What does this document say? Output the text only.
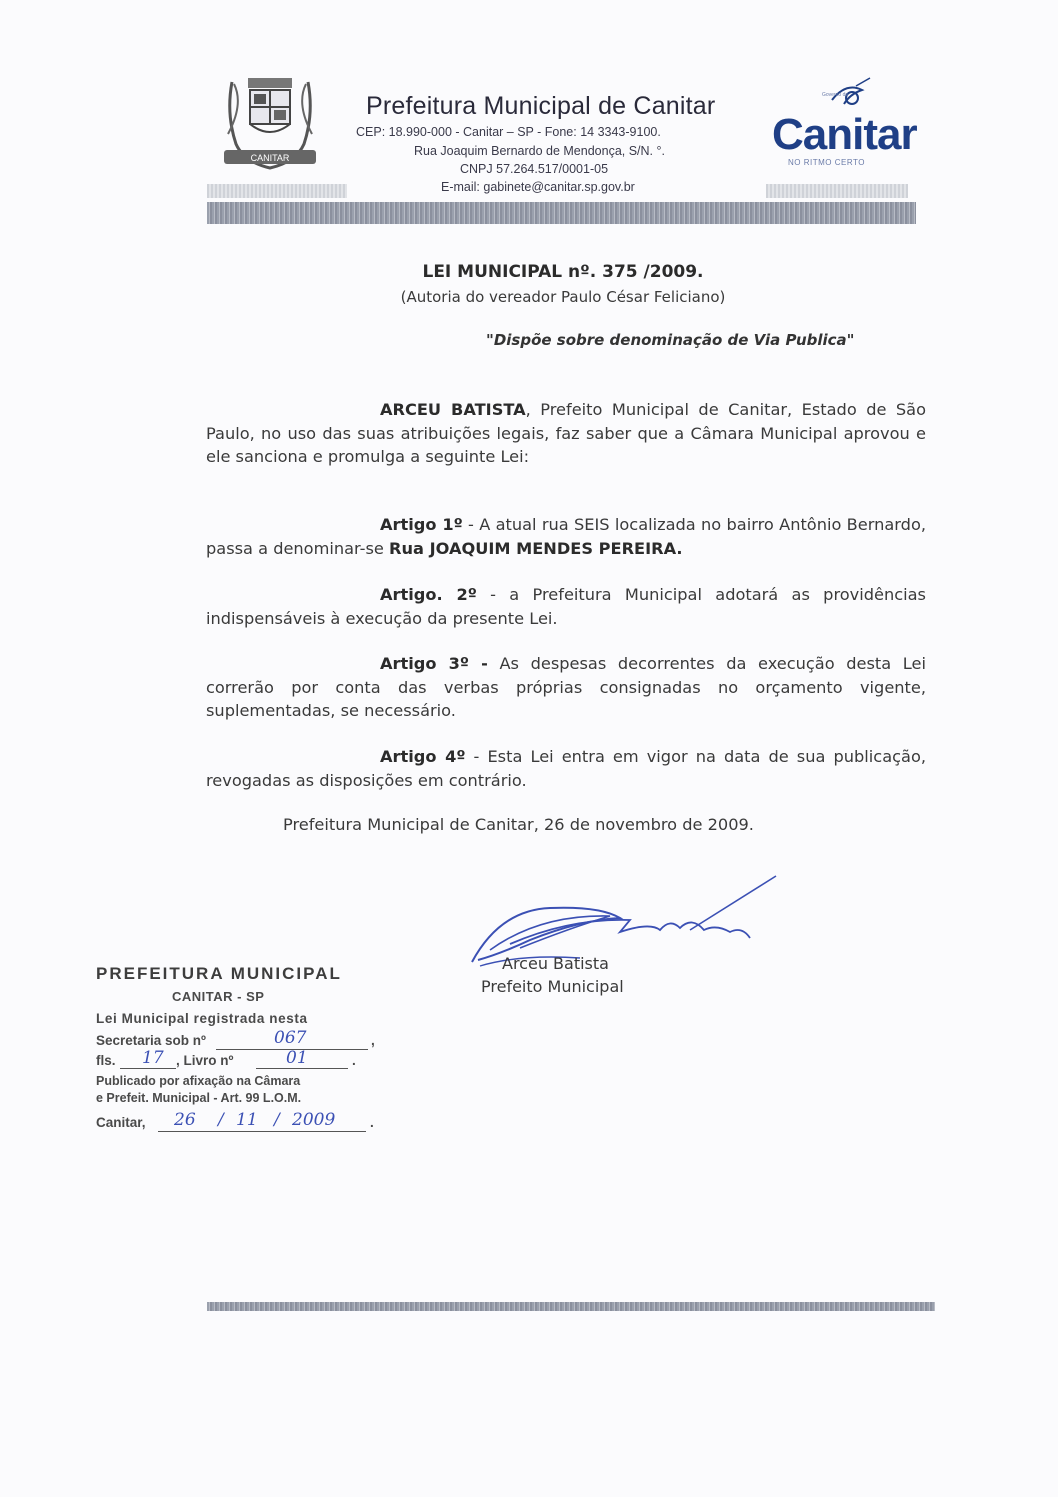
CANITAR
Prefeitura Municipal de Canitar
CEP: 18.990-000 - Canitar – SP - Fone: 14 3343-9100.
Rua Joaquim Bernardo de Mendonça, S/N. °.
CNPJ 57.264.517/0001-05
E-mail: gabinete@canitar.sp.gov.br
Governo de
Canitar
NO RITMO CERTO
LEI MUNICIPAL nº. 375 /2009.
(Autoria do vereador Paulo César Feliciano)
"Dispõe sobre denominação de Via Publica"
ARCEU BATISTA, Prefeito Municipal de Canitar, Estado de São Paulo, no uso das suas atribuições legais, faz saber que a Câmara Municipal aprovou e ele sanciona e promulga a seguinte Lei:
Artigo 1º - A atual rua SEIS localizada no bairro Antônio Bernardo, passa a denominar-se Rua JOAQUIM MENDES PEREIRA.
Artigo. 2º - a Prefeitura Municipal adotará as providências indispensáveis à execução da presente Lei.
Artigo 3º - As despesas decorrentes da execução desta Lei correrão por conta das verbas próprias consignadas no orçamento vigente, suplementadas, se necessário.
Artigo 4º - Esta Lei entra em vigor na data de sua publicação, revogadas as disposições em contrário.
Prefeitura Municipal de Canitar, 26 de novembro de 2009.
Arceu Batista
Prefeito Municipal
PREFEITURA MUNICIPAL
CANITAR - SP
Lei Municipal registrada nesta
Secretaria sob nº	067	,
fls. 17 , Livro nº	01	.
Publicado por afixação na Câmara
e Prefeit. Municipal - Art. 99 L.O.M.
Canitar, 26 / 11 / 2009	.
